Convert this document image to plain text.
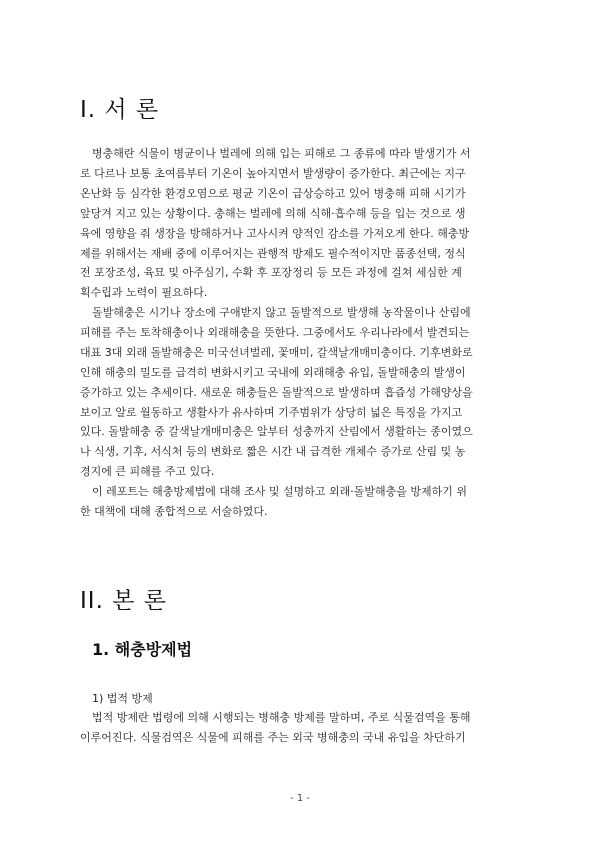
I. 서 론
병충해란 식물이 병균이나 벌레에 의해 입는 피해로 그 종류에 따라 발생기가 서
로 다르나 보통 초여름부터 기온이 높아지면서 발생량이 증가한다. 최근에는 지구
온난화 등 심각한 환경오염으로 평균 기온이 급상승하고 있어 병충해 피해 시기가
앞당겨 지고 있는 상황이다. 충해는 벌레에 의해 식해·흡수해 등을 입는 것으로 생
육에 영향을 줘 생장을 방해하거나 고사시켜 양적인 감소를 가져오게 한다. 해충방
제를 위해서는 재배 중에 이루어지는 관행적 방제도 필수적이지만 품종선택, 정식
전 포장조성, 육묘 및 아주심기, 수확 후 포장정리 등 모든 과정에 걸쳐 세심한 계
획수립과 노력이 필요하다.
돌발해충은 시기나 장소에 구애받지 않고 돌발적으로 발생해 농작물이나 산림에
피해를 주는 토착해충이나 외래해충을 뜻한다. 그중에서도 우리나라에서 발견되는
대표 3대 외래 돌발해충은 미국선녀벌레, 꽃매미, 갈색날개매미충이다. 기후변화로
인해 해충의 밀도를 급격히 변화시키고 국내에 외래해충 유입, 돌발해충의 발생이
증가하고 있는 추세이다. 새로운 해충들은 돌발적으로 발생하며 흡즙성 가해양상을
보이고 알로 월동하고 생활사가 유사하며 기주범위가 상당히 넓은 특징을 가지고
있다. 돌발해충 중 갈색날개매미충은 알부터 성충까지 산림에서 생활하는 종이였으
나 식생, 기후, 서식처 등의 변화로 짧은 시간 내 급격한 개체수 증가로 산림 및 농
경지에 큰 피해를 주고 있다.
이 레포트는 해충방제법에 대해 조사 및 설명하고 외래·돌발해충을 방제하기 위
한 대책에 대해 종합적으로 서술하였다.
II. 본 론
1. 해충방제법
1) 법적 방제
법적 방제란 법령에 의해 시행되는 병해충 방제를 말하며, 주로 식물검역을 통해
이루어진다. 식물검역은 식물에 피해를 주는 외국 병해충의 국내 유입을 차단하기
- 1 -
